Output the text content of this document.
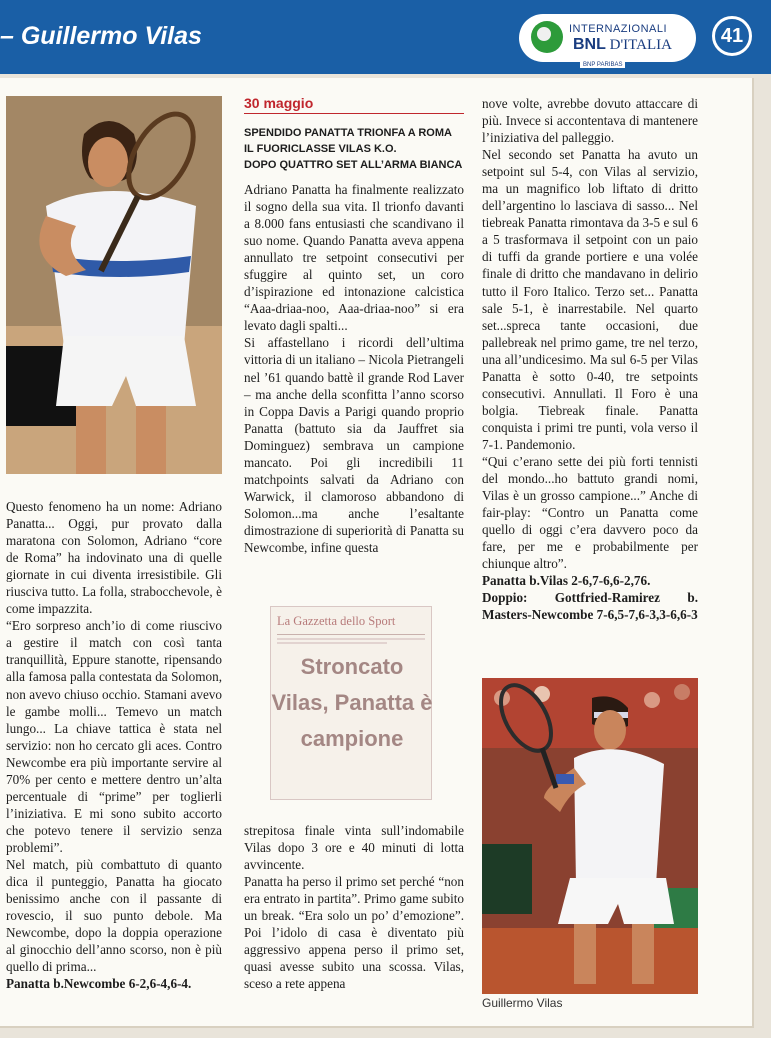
– Guillermo Vilas	INTERNAZIONALI
BNL D'ITALIA
BNP PARIBAS
41

Questo fenomeno ha un nome: Adriano Panatta... Oggi, pur provato dalla maratona con Solomon, Adriano “core de Roma” ha indovinato una di quelle giornate in cui diventa irresistibile. Gli riusciva tutto. La folla, strabocchevole, è come impazzita.

“Ero sorpreso anch’io di come riuscivo a gestire il match con così tanta tranquillità, Eppure stanotte, ripensando alla famosa palla contestata da Solomon, non avevo chiuso occhio. Stamani avevo le gambe molli... Temevo un match lungo... La chiave tattica è stata nel servizio: non ho cercato gli aces. Contro Newcombe era più importante servire al 70% per cento e mettere dentro un’alta percentuale di “prime” per toglierli l’iniziativa. E mi sono subito accorto che potevo tenere il servizio senza problemi”.

Nel match, più combattuto di quanto dica il punteggio, Panatta ha giocato benissimo anche con il passante di rovescio, il suo punto debole. Ma Newcombe, dopo la doppia operazione al ginocchio dell’anno scorso, non è più quello di prima...

Panatta b.Newcombe 6-2,6-4,6-4.

30 maggio
SPENDIDO PANATTA TRIONFA A ROMA
IL FUORICLASSE VILAS K.O.
DOPO QUATTRO SET ALL’ARMA BIANCA

Adriano Panatta ha finalmente realizzato il sogno della sua vita. Il trionfo davanti a 8.000 fans entusiasti che scandivano il suo nome. Quando Panatta aveva appena annullato tre setpoint consecutivi per sfuggire al quinto set, un coro d’ispirazione ed intonazione calcistica “Aaa-driaa-noo, Aaa-driaa-noo” si era levato dagli spalti...

Si affastellano i ricordi dell’ultima vittoria di un italiano – Nicola Pietrangeli nel ’61 quando battè il grande Rod Laver – ma anche della sconfitta l’anno scorso in Coppa Davis a Parigi quando proprio Panatta (battuto sia da Jauffret sia Dominguez) sembrava un campione mancato. Poi gli incredibili 11 matchpoints salvati da Adriano con Warwick, il clamoroso abbandono di Solomon...ma anche l’esaltante dimostrazione di superiorità di Panatta su Newcombe, infine questa

La Gazzetta dello Sport
Stroncato Vilas, Panatta è campione

strepitosa finale vinta sull’indomabile Vilas dopo 3 ore e 40 minuti di lotta avvincente.

Panatta ha perso il primo set perché “non era entrato in partita”. Primo game subito un break. “Era solo un po’ d’emozione”. Poi l’idolo di casa è diventato più aggressivo appena perso il primo set, quasi avesse subito una scossa. Vilas, sceso a rete appena

nove volte, avrebbe dovuto attaccare di più. Invece si accontentava di mantenere l’iniziativa del palleggio.

Nel secondo set Panatta ha avuto un setpoint sul 5-4, con Vilas al servizio, ma un magnifico lob liftato di dritto dell’argentino lo lasciava di sasso... Nel tiebreak Panatta rimontava da 3-5 e sul 6 a 5 trasformava il setpoint con un paio di tuffi da grande portiere e una volée finale di dritto che mandavano in delirio tutto il Foro Italico. Terzo set... Panatta sale 5-1, è inarrestabile. Nel quarto set...spreca tante occasioni, due pallebreak nel primo game, tre nel terzo, una all’undicesimo. Ma sul 6-5 per Vilas Panatta è sotto 0-40, tre setpoints consecutivi. Annullati. Il Foro è una bolgia. Tiebreak finale. Panatta conquista i primi tre punti, vola verso il 7-1. Pandemonio.

“Qui c’erano sette dei più forti tennisti del mondo...ho battuto grandi nomi, Vilas è un grosso campione...” Anche di fair-play: “Contro un Panatta come quello di oggi c’era davvero poco da fare, per me e probabilmente per chiunque altro”.

Panatta b.Vilas 2-6,7-6,6-2,76.

Doppio: Gottfried-Ramirez b. Masters-Newcombe 7-6,5-7,6-3,3-6,6-3

Guillermo Vilas
